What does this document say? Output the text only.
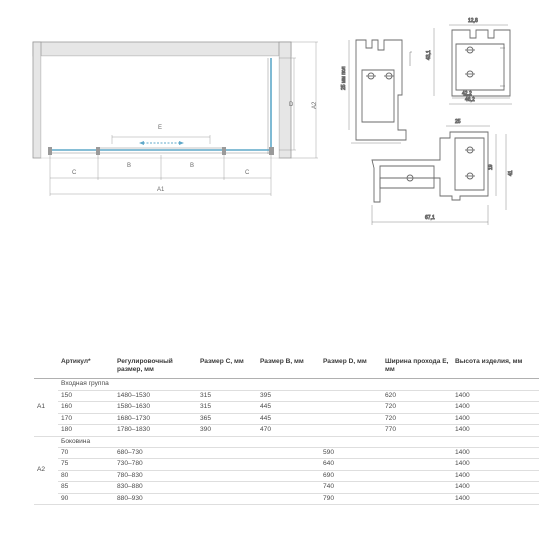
E
D	A2
C
B	B
C
A1
25 мм пол
12,8
43,1
42,2
46,2
25
19
41
67,1
	Артикул*	Регулировочный размер, мм	Размер С, мм	Размер B, мм	Размер D, мм	Ширина прохода E, мм	Высота изделия, мм
A1	Входная группа						
	150	1480–1530	315	395		620	1400
	160	1580–1630	315	445		720	1400
	170	1680–1730	365	445		720	1400
	180	1780–1830	390	470		770	1400
A2	Боковина						
	70	680–730			590		1400
	75	730–780			640		1400
	80	780–830			690		1400
	85	830–880			740		1400
	90	880–930			790		1400
